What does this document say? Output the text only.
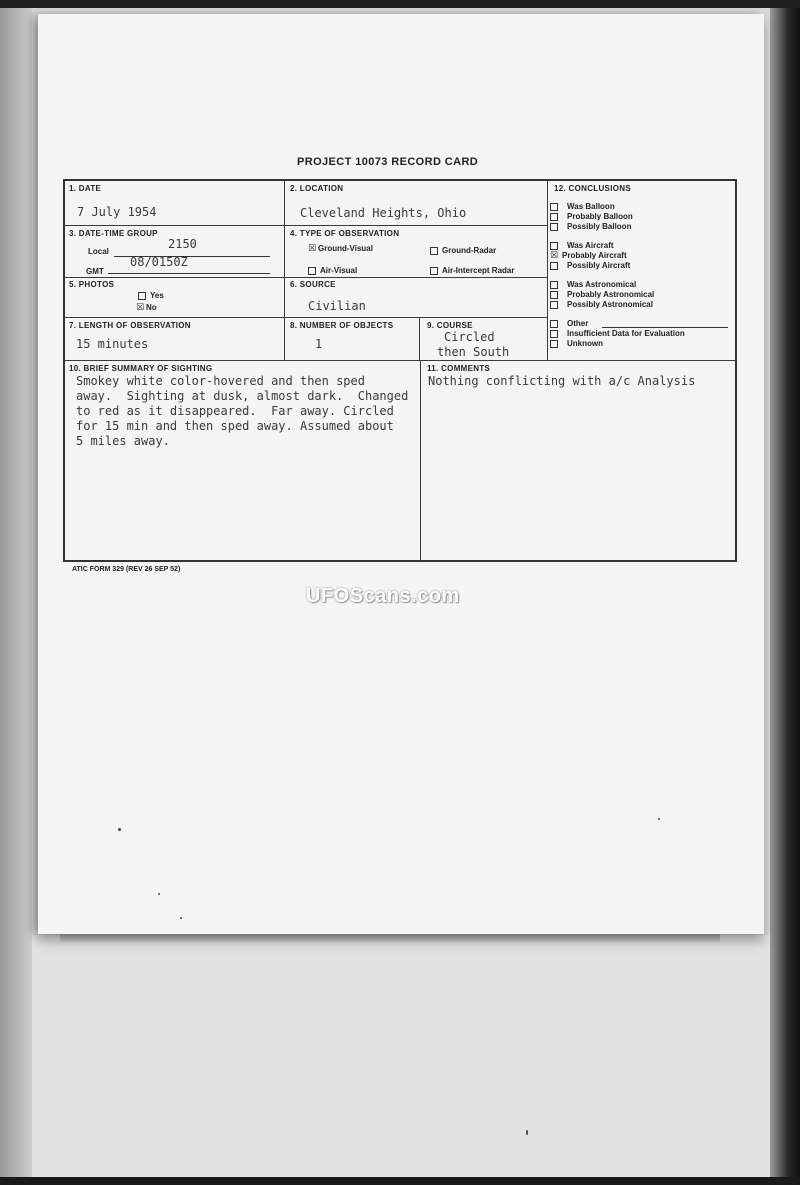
PROJECT 10073 RECORD CARD
1. DATE
7 July 1954
2. LOCATION
Cleveland Heights, Ohio
12. CONCLUSIONS
Was Balloon
Probably Balloon
Possibly Balloon
Was Aircraft
☒ Probably Aircraft
Possibly Aircraft
Was Astronomical
Probably Astronomical
Possibly Astronomical
Other
Insufficient Data for Evaluation
Unknown
3. DATE-TIME GROUP
Local
2150
GMT
08/0150Z
4. TYPE OF OBSERVATION
☒ Ground-Visual	Ground-Radar
Air-Visual	Air-Intercept Radar
5. PHOTOS
Yes
☒ No
6. SOURCE
Civilian
7. LENGTH OF OBSERVATION
15 minutes
8. NUMBER OF OBJECTS
1
9. COURSE
Circled
then South
10. BRIEF SUMMARY OF SIGHTING
Smokey white color-hovered and then sped
away.  Sighting at dusk, almost dark.  Changed
to red as it disappeared.  Far away. Circled
for 15 min and then sped away. Assumed about
5 miles away.
11. COMMENTS
Nothing conflicting with a/c Analysis
ATIC FORM 329 (REV 26 SEP 52)
UFOScans.com
